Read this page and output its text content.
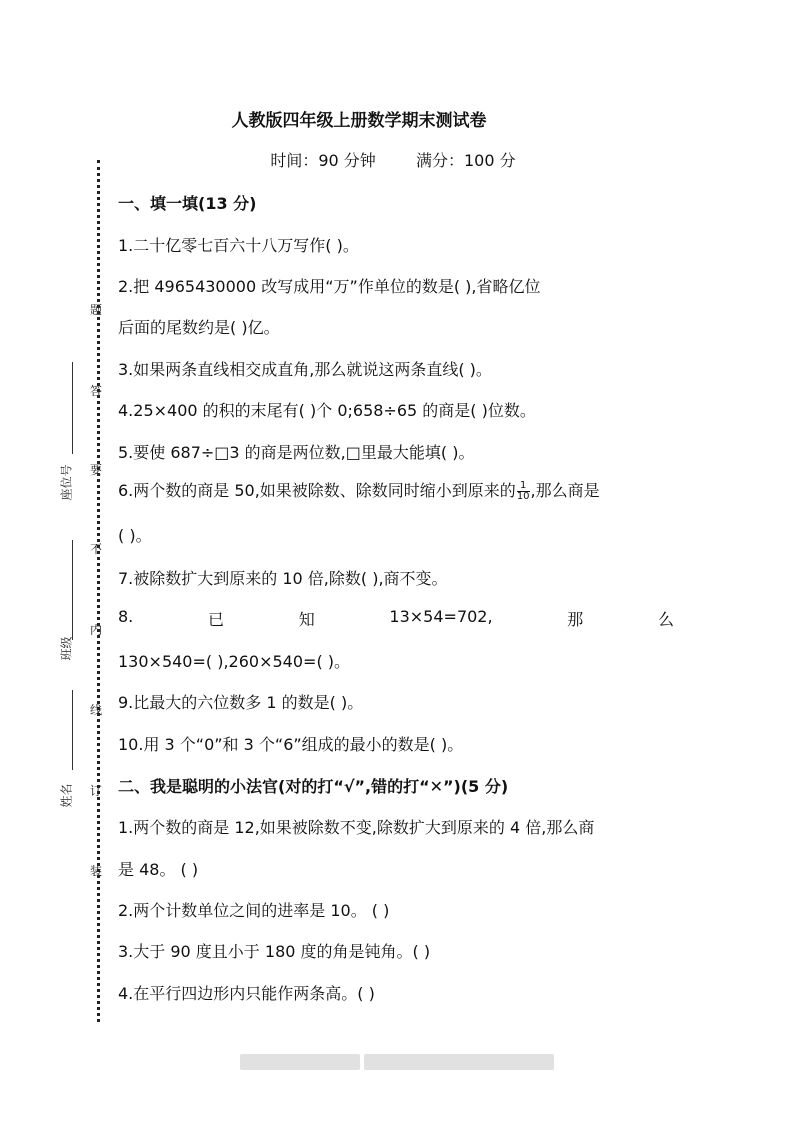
人教版四年级上册数学期末测试卷
时间：90 分钟	满分：100 分
题
答
要
不
内
线
订
装
座位号
班级
姓名
一、填一填(13 分)
1.二十亿零七百六十八万写作( )。
2.把 4965430000 改写成用“万”作单位的数是( ),省略亿位
后面的尾数约是( )亿。
3.如果两条直线相交成直角,那么就说这两条直线( )。
4.25×400 的积的末尾有( )个 0;658÷65 的商是( )位数。
5.要使 687÷□3 的商是两位数,□里最大能填( )。
6.两个数的商是 50,如果被除数、除数同时缩小到原来的 $\frac{1}{10}$ ,那么商是
( )。
7.被除数扩大到原来的 10 倍,除数( ),商不变。
8.	已	知	13×54=702,	那	么
130×540=( ),260×540=( )。
9.比最大的六位数多 1 的数是( )。
10.用 3 个“0”和 3 个“6”组成的最小的数是( )。
二、我是聪明的小法官(对的打“√”,错的打“✕”)(5 分)
1.两个数的商是 12,如果被除数不变,除数扩大到原来的 4 倍,那么商
是 48。 ( )
2.两个计数单位之间的进率是 10。 ( )
3.大于 90 度且小于 180 度的角是钝角。( )
4.在平行四边形内只能作两条高。( )
